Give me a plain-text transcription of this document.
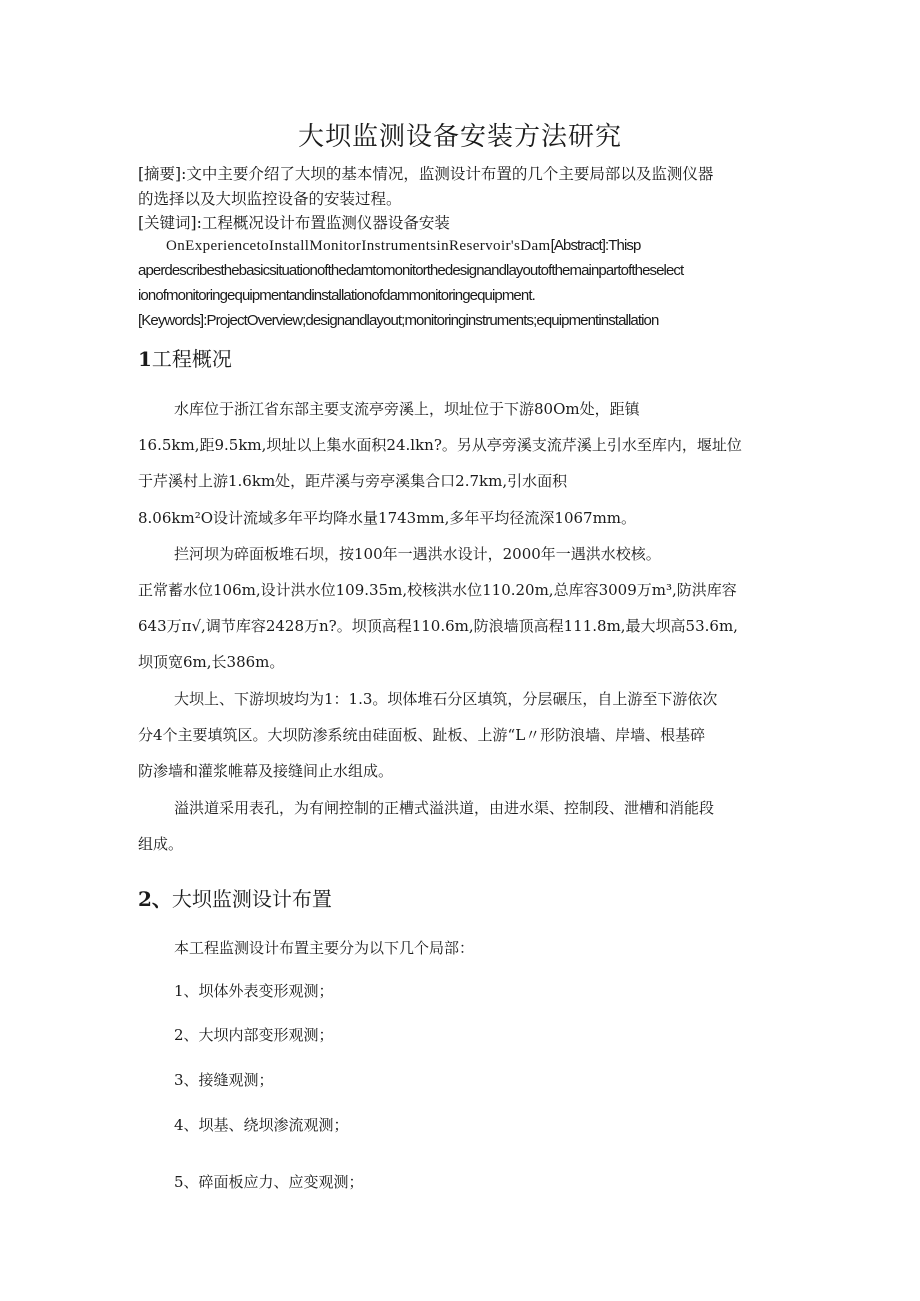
大坝监测设备安装方法研究
[摘要]:文中主要介绍了大坝的基本情况，监测设计布置的几个主要局部以及监测仪器
的选择以及大坝监控设备的安装过程。
[关键词]:工程概况设计布置监测仪器设备安装
OnExperiencetoInstallMonitorInstrumentsinReservoir'sDam[Abstract]:Thisp
aperdescribesthebasicsituationofthedamtomonitorthedesignandlayoutofthemainpartoftheselect
ionofmonitoringequipmentandinstallationofdammonitoringequipment.
[Keywords]:ProjectOverview;designandlayout;monitoringinstruments;equipmentinstallation
1工程概况
水库位于浙江省东部主要支流亭旁溪上，坝址位于下游80Om处，距镇
16.5km,距9.5km,坝址以上集水面积24.lkn?。另从亭旁溪支流芹溪上引水至库内，堰址位
于芹溪村上游1.6km处，距芹溪与旁亭溪集合口2.7km,引水面积
8.06km²O设计流域多年平均降水量1743mm,多年平均径流深1067mm。
拦河坝为碎面板堆石坝，按100年一遇洪水设计，2000年一遇洪水校核。
正常蓄水位106m,设计洪水位109.35m,校核洪水位110.20m,总库容3009万m³,防洪库容
643万π√,调节库容2428万n?。坝顶高程110.6m,防浪墙顶高程111.8m,最大坝高53.6m,
坝顶宽6m,长386m。
大坝上、下游坝坡均为1：1.3。坝体堆石分区填筑，分层碾压，自上游至下游依次
分4个主要填筑区。大坝防渗系统由硅面板、趾板、上游“L〃形防浪墙、岸墙、根基碎
防渗墙和灌浆帷幕及接缝间止水组成。
溢洪道采用表孔，为有闸控制的正槽式溢洪道，由进水渠、控制段、泄槽和消能段
组成。
2、大坝监测设计布置
本工程监测设计布置主要分为以下几个局部：
1、坝体外表变形观测；
2、大坝内部变形观测；
3、接缝观测；
4、坝基、绕坝渗流观测；
5、碎面板应力、应变观测；
